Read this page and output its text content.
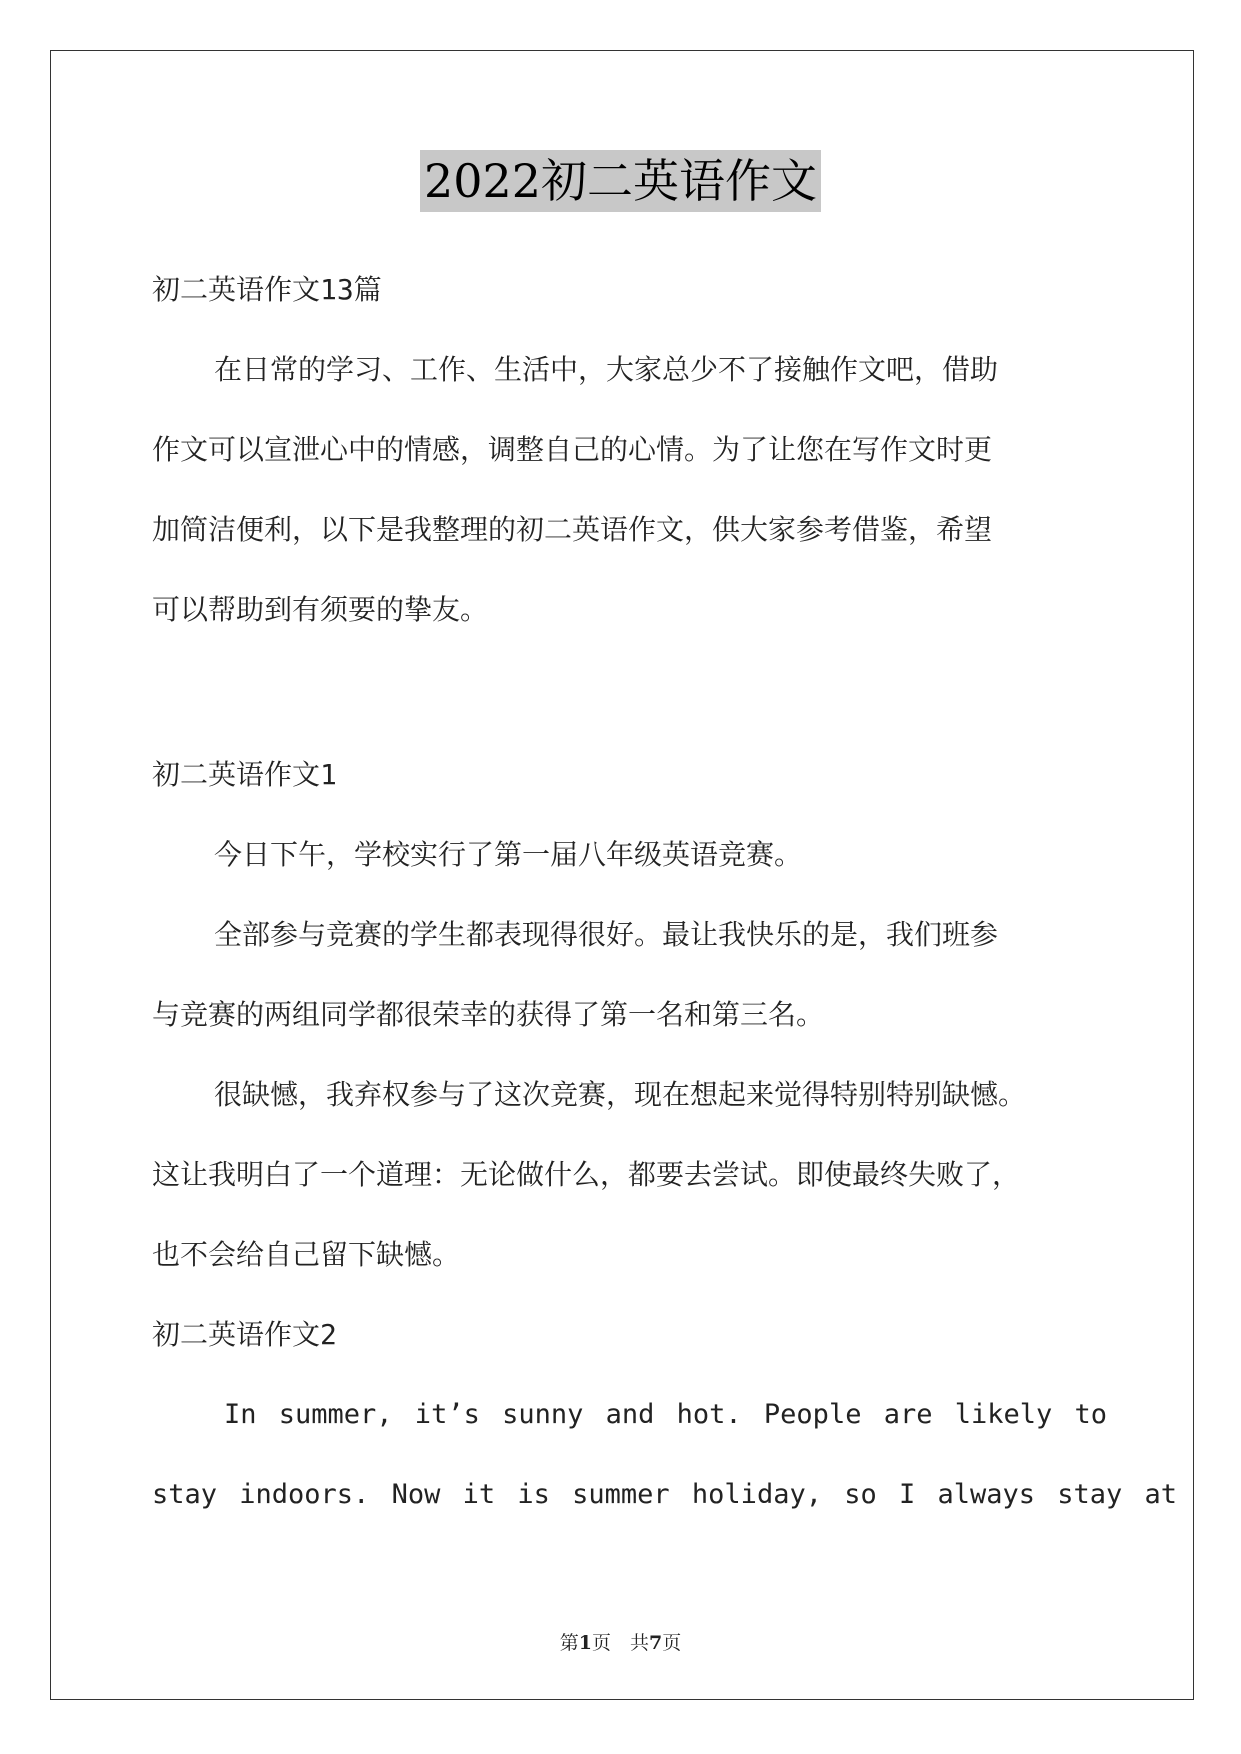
2022初二英语作文
初二英语作文13篇
在日常的学习、工作、生活中，大家总少不了接触作文吧，借助
作文可以宣泄心中的情感，调整自己的心情。为了让您在写作文时更
加简洁便利，以下是我整理的初二英语作文，供大家参考借鉴，希望
可以帮助到有须要的挚友。
初二英语作文1
今日下午，学校实行了第一届八年级英语竞赛。
全部参与竞赛的学生都表现得很好。最让我快乐的是，我们班参
与竞赛的两组同学都很荣幸的获得了第一名和第三名。
很缺憾，我弃权参与了这次竞赛，现在想起来觉得特别特别缺憾。
这让我明白了一个道理：无论做什么，都要去尝试。即使最终失败了，
也不会给自己留下缺憾。
初二英语作文2
In summer, it’s sunny and hot. People are likely to
stay indoors. Now it is summer holiday, so I always stay at
第1页　共7页
